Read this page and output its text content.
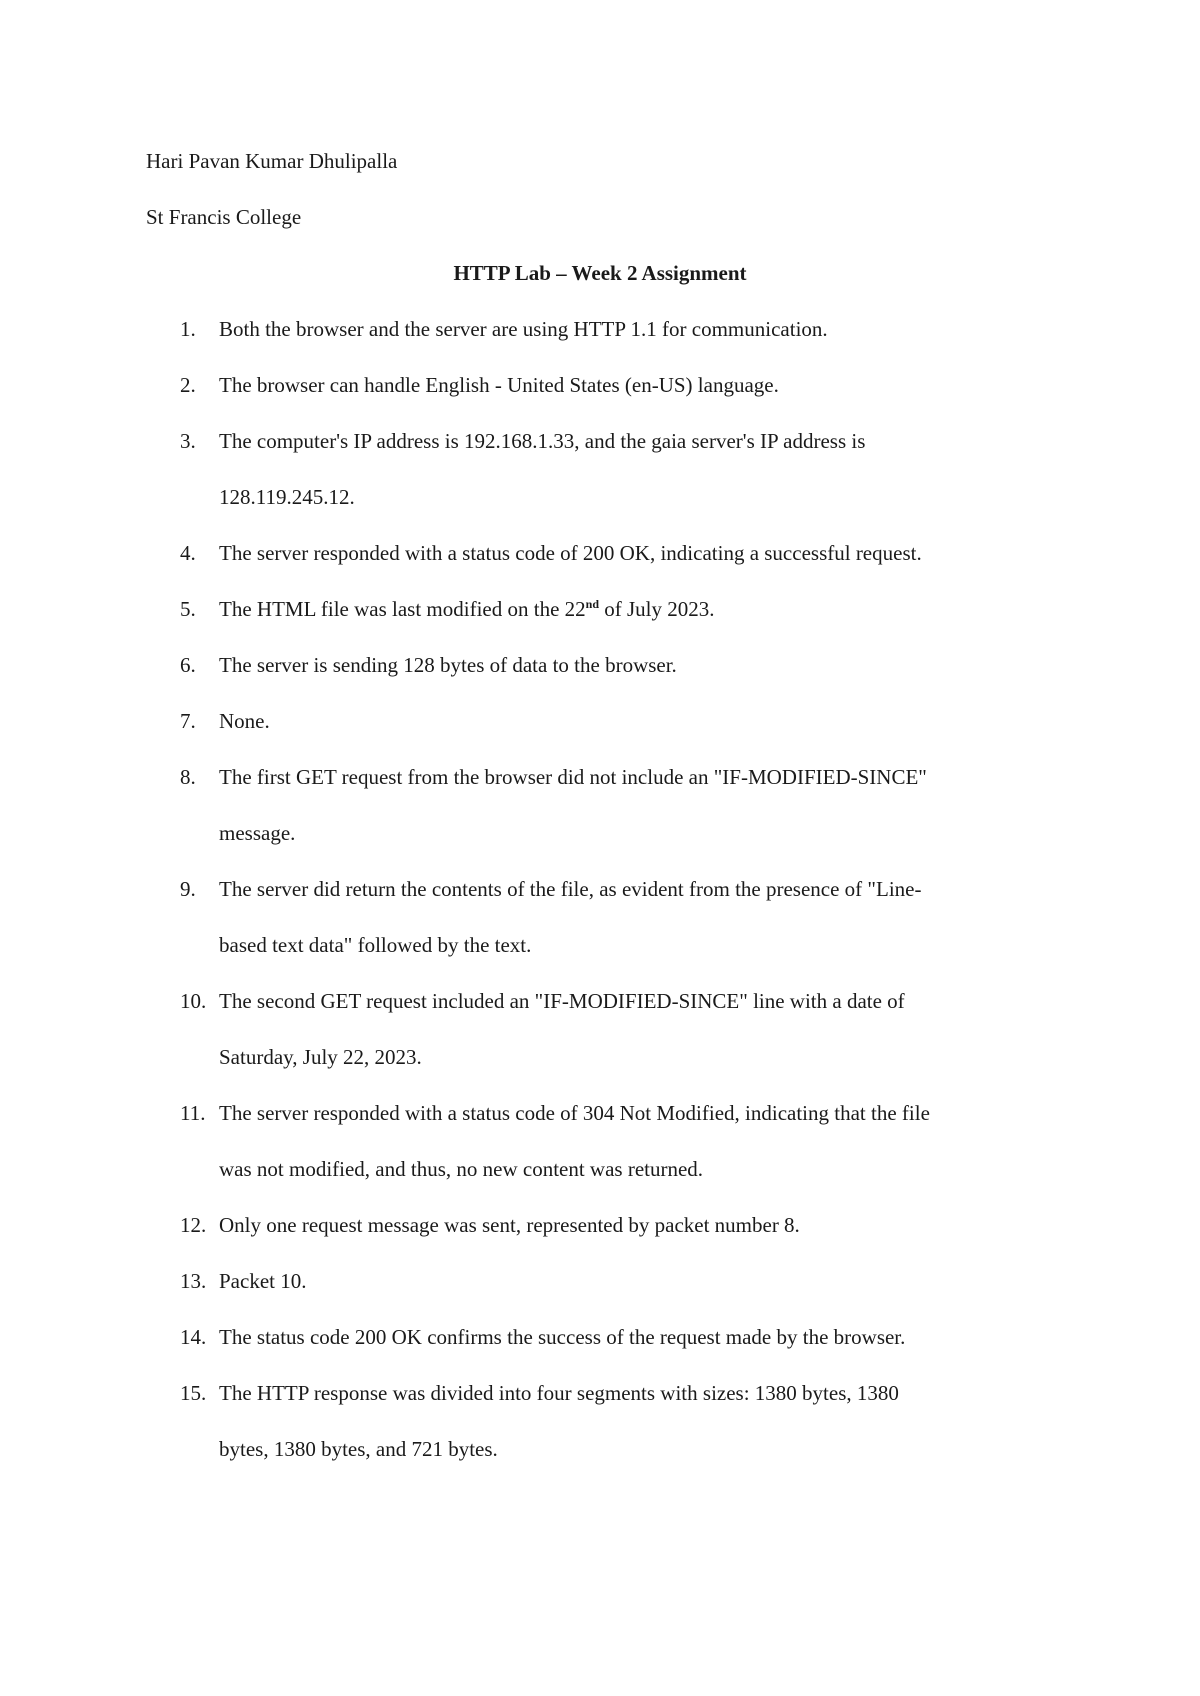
Hari Pavan Kumar Dhulipalla
St Francis College
HTTP Lab – Week 2 Assignment
1. Both the browser and the server are using HTTP 1.1 for communication.
2. The browser can handle English - United States (en-US) language.
3. The computer's IP address is 192.168.1.33, and the gaia server's IP address is
128.119.245.12.
4. The server responded with a status code of 200 OK, indicating a successful request.
5. The HTML file was last modified on the 22nd of July 2023.
6. The server is sending 128 bytes of data to the browser.
7. None.
8. The first GET request from the browser did not include an "IF-MODIFIED-SINCE"
message.
9. The server did return the contents of the file, as evident from the presence of "Line-
based text data" followed by the text.
10. The second GET request included an "IF-MODIFIED-SINCE" line with a date of
Saturday, July 22, 2023.
11. The server responded with a status code of 304 Not Modified, indicating that the file
was not modified, and thus, no new content was returned.
12. Only one request message was sent, represented by packet number 8.
13. Packet 10.
14. The status code 200 OK confirms the success of the request made by the browser.
15. The HTTP response was divided into four segments with sizes: 1380 bytes, 1380
bytes, 1380 bytes, and 721 bytes.
